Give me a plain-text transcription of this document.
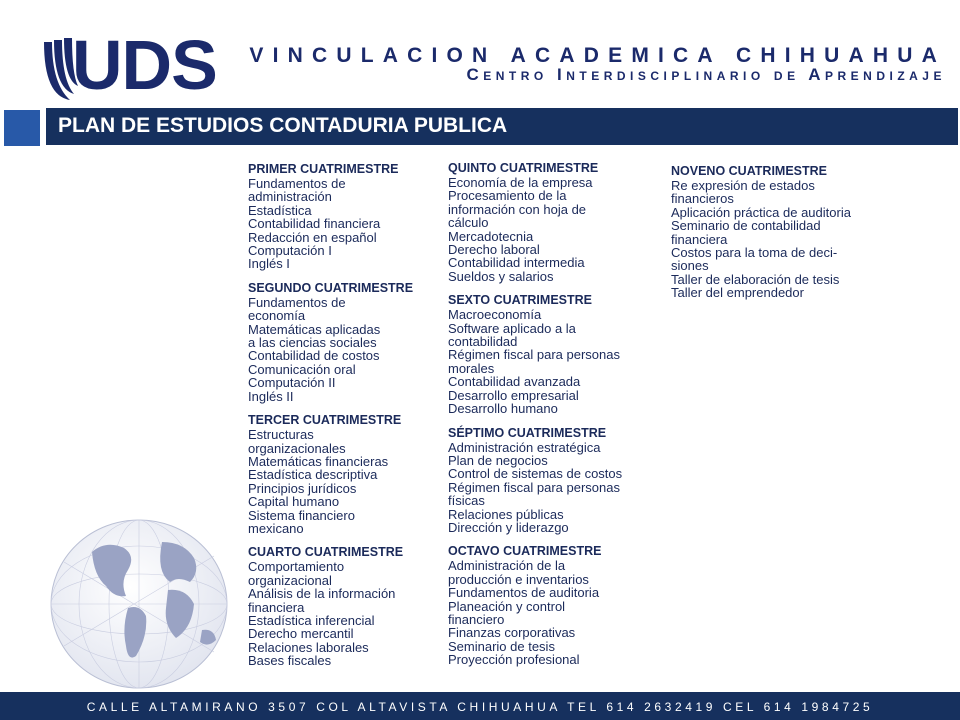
UDS VINCULACION ACADEMICA CHIHUAHUA
Centro Interdisciplinario de Aprendizaje
PLAN DE ESTUDIOS CONTADURIA PUBLICA
PRIMER CUATRIMESTRE
Fundamentos de
administración
Estadística
Contabilidad financiera
Redacción en español
Computación I
Inglés I
SEGUNDO CUATRIMESTRE
Fundamentos de
economía
Matemáticas aplicadas
a las ciencias sociales
Contabilidad de costos
Comunicación oral
Computación II
Inglés II
TERCER CUATRIMESTRE
Estructuras
organizacionales
Matemáticas financieras
Estadística descriptiva
Principios jurídicos
Capital humano
Sistema financiero
mexicano
CUARTO CUATRIMESTRE
Comportamiento
organizacional
Análisis de la información
financiera
Estadística inferencial
Derecho mercantil
Relaciones laborales
Bases fiscales
QUINTO CUATRIMESTRE
Economía de la empresa
Procesamiento de la
información con hoja de
cálculo
Mercadotecnia
Derecho laboral
Contabilidad intermedia
Sueldos y salarios
SEXTO CUATRIMESTRE
Macroeconomía
Software aplicado a la
contabilidad
Régimen fiscal para personas
morales
Contabilidad avanzada
Desarrollo empresarial
Desarrollo humano
SÉPTIMO CUATRIMESTRE
Administración estratégica
Plan de negocios
Control de sistemas de costos
Régimen fiscal para personas
físicas
Relaciones públicas
Dirección y liderazgo
OCTAVO CUATRIMESTRE
Administración de la
producción e inventarios
Fundamentos de auditoria
Planeación y control
financiero
Finanzas corporativas
Seminario de tesis
Proyección profesional
NOVENO CUATRIMESTRE
Re expresión de estados
financieros
Aplicación práctica de auditoria
Seminario de contabilidad
financiera
Costos para la toma de deci-
siones
Taller de elaboración de tesis
Taller del emprendedor
CALLE ALTAMIRANO 3507 COL ALTAVISTA CHIHUAHUA TEL 614 2632419 CEL 614 1984725
